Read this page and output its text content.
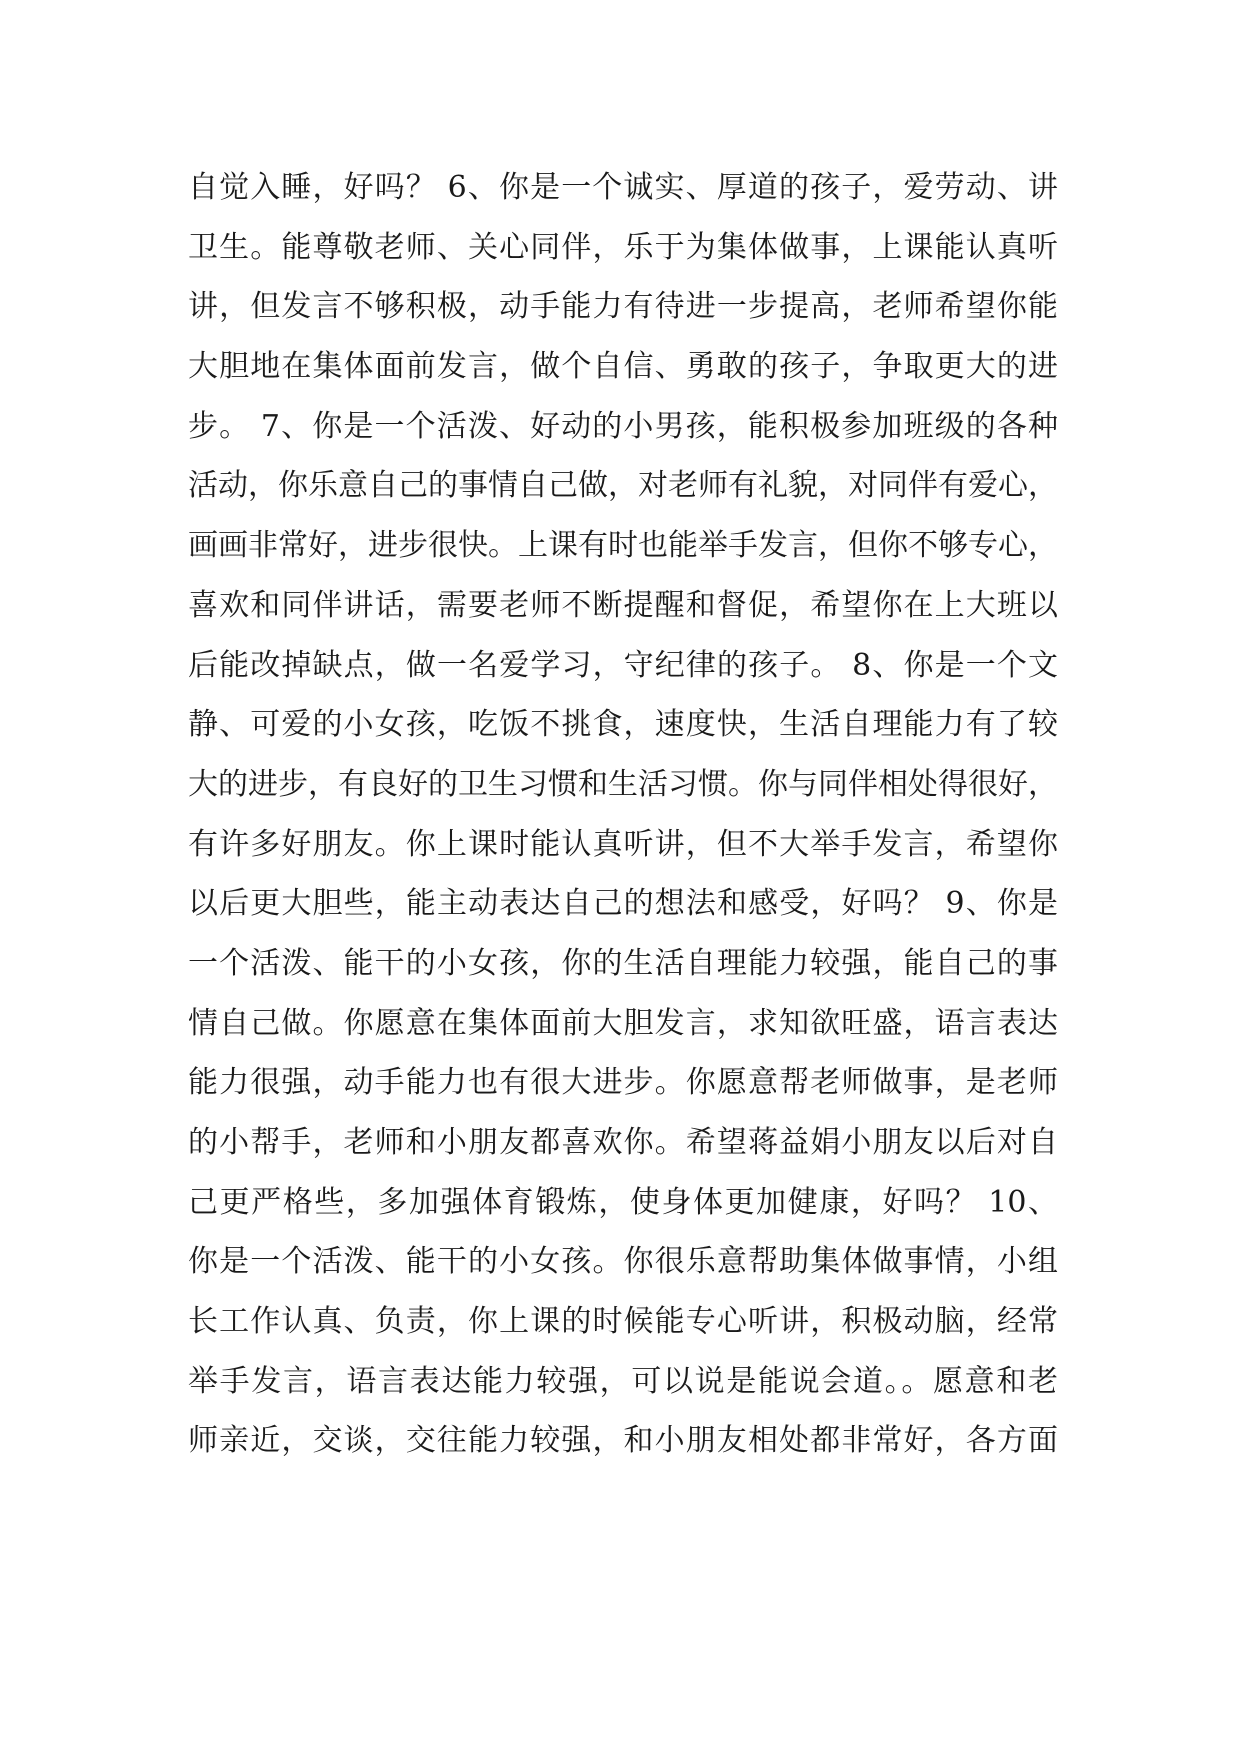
自觉入睡，好吗？ 6、你是一个诚实、厚道的孩子，爱劳动、讲
卫生。能尊敬老师、关心同伴，乐于为集体做事，上课能认真听
讲，但发言不够积极，动手能力有待进一步提高，老师希望你能
大胆地在集体面前发言，做个自信、勇敢的孩子，争取更大的进
步。 7、你是一个活泼、好动的小男孩，能积极参加班级的各种
活动，你乐意自己的事情自己做，对老师有礼貌，对同伴有爱心，
画画非常好，进步很快。上课有时也能举手发言，但你不够专心，
喜欢和同伴讲话，需要老师不断提醒和督促，希望你在上大班以
后能改掉缺点，做一名爱学习，守纪律的孩子。 8、你是一个文
静、可爱的小女孩，吃饭不挑食，速度快，生活自理能力有了较
大的进步，有良好的卫生习惯和生活习惯。你与同伴相处得很好，
有许多好朋友。你上课时能认真听讲，但不大举手发言，希望你
以后更大胆些，能主动表达自己的想法和感受，好吗？ 9、你是
一个活泼、能干的小女孩，你的生活自理能力较强，能自己的事
情自己做。你愿意在集体面前大胆发言，求知欲旺盛，语言表达
能力很强，动手能力也有很大进步。你愿意帮老师做事，是老师
的小帮手，老师和小朋友都喜欢你。希望蒋益娟小朋友以后对自
己更严格些，多加强体育锻炼，使身体更加健康，好吗？ 10、
你是一个活泼、能干的小女孩。你很乐意帮助集体做事情，小组
长工作认真、负责，你上课的时候能专心听讲，积极动脑，经常
举手发言，语言表达能力较强，可以说是能说会道。。愿意和老
师亲近，交谈，交往能力较强，和小朋友相处都非常好，各方面
